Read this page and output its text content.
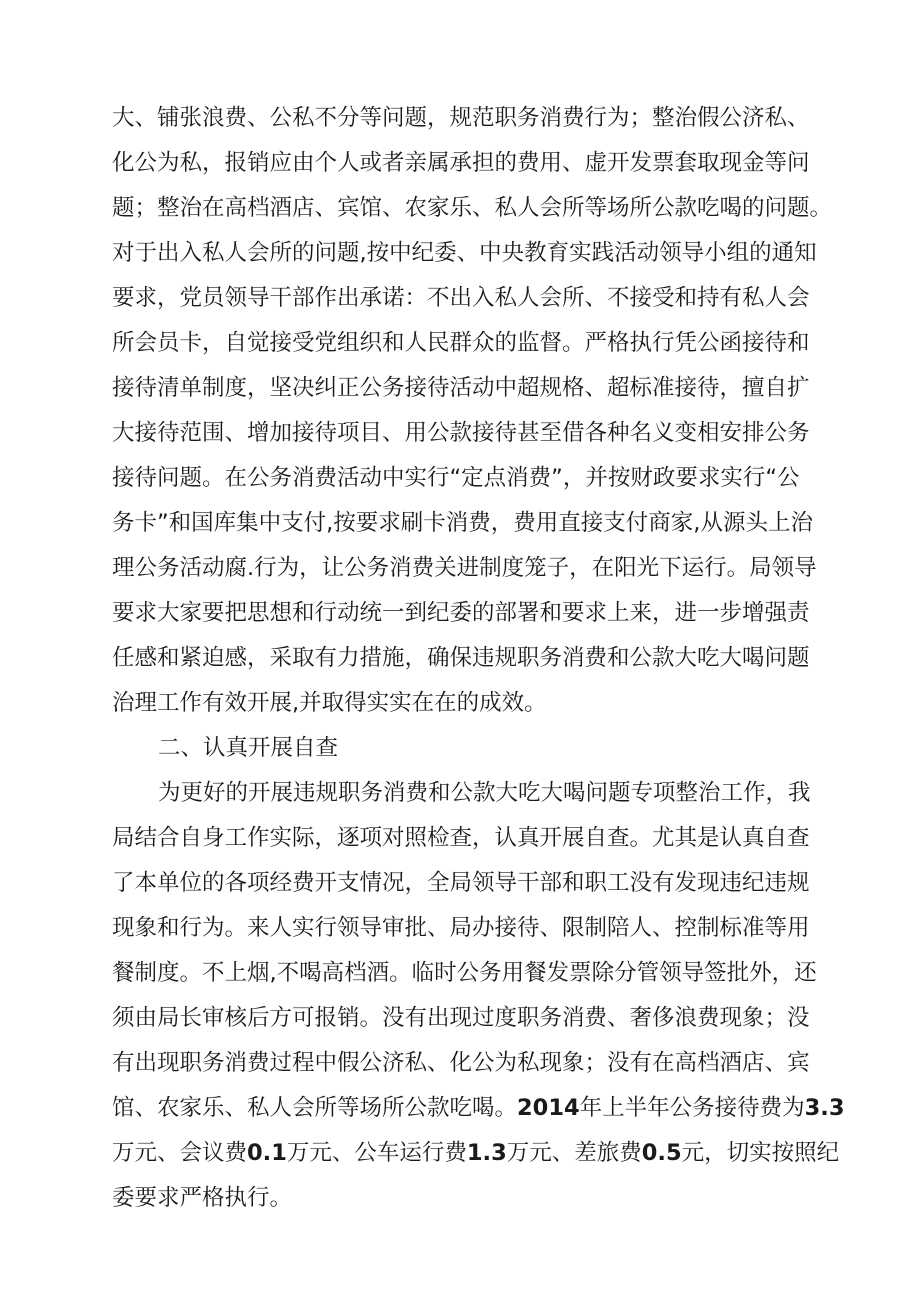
大、铺张浪费、公私不分等问题，规范职务消费行为；整治假公济私、
化公为私，报销应由个人或者亲属承担的费用、虚开发票套取现金等问
题；整治在高档酒店、宾馆、农家乐、私人会所等场所公款吃喝的问题。
对于出入私人会所的问题,按中纪委、中央教育实践活动领导小组的通知
要求，党员领导干部作出承诺：不出入私人会所、不接受和持有私人会
所会员卡，自觉接受党组织和人民群众的监督。严格执行凭公函接待和
接待清单制度，坚决纠正公务接待活动中超规格、超标准接待，擅自扩
大接待范围、增加接待项目、用公款接待甚至借各种名义变相安排公务
接待问题。在公务消费活动中实行“定点消费”，并按财政要求实行“公
务卡”和国库集中支付,按要求刷卡消费，费用直接支付商家,从源头上治
理公务活动腐.行为，让公务消费关进制度笼子，在阳光下运行。局领导
要求大家要把思想和行动统一到纪委的部署和要求上来，进一步增强责
任感和紧迫感，采取有力措施，确保违规职务消费和公款大吃大喝问题
治理工作有效开展,并取得实实在在的成效。
二、认真开展自查
为更好的开展违规职务消费和公款大吃大喝问题专项整治工作，我
局结合自身工作实际，逐项对照检查，认真开展自查。尤其是认真自查
了本单位的各项经费开支情况，全局领导干部和职工没有发现违纪违规
现象和行为。来人实行领导审批、局办接待、限制陪人、控制标准等用
餐制度。不上烟,不喝高档酒。临时公务用餐发票除分管领导签批外，还
须由局长审核后方可报销。没有出现过度职务消费、奢侈浪费现象；没
有出现职务消费过程中假公济私、化公为私现象；没有在高档酒店、宾
馆、农家乐、私人会所等场所公款吃喝。2014年上半年公务接待费为3.3
万元、会议费0.1万元、公车运行费1.3万元、差旅费0.5元，切实按照纪
委要求严格执行。
